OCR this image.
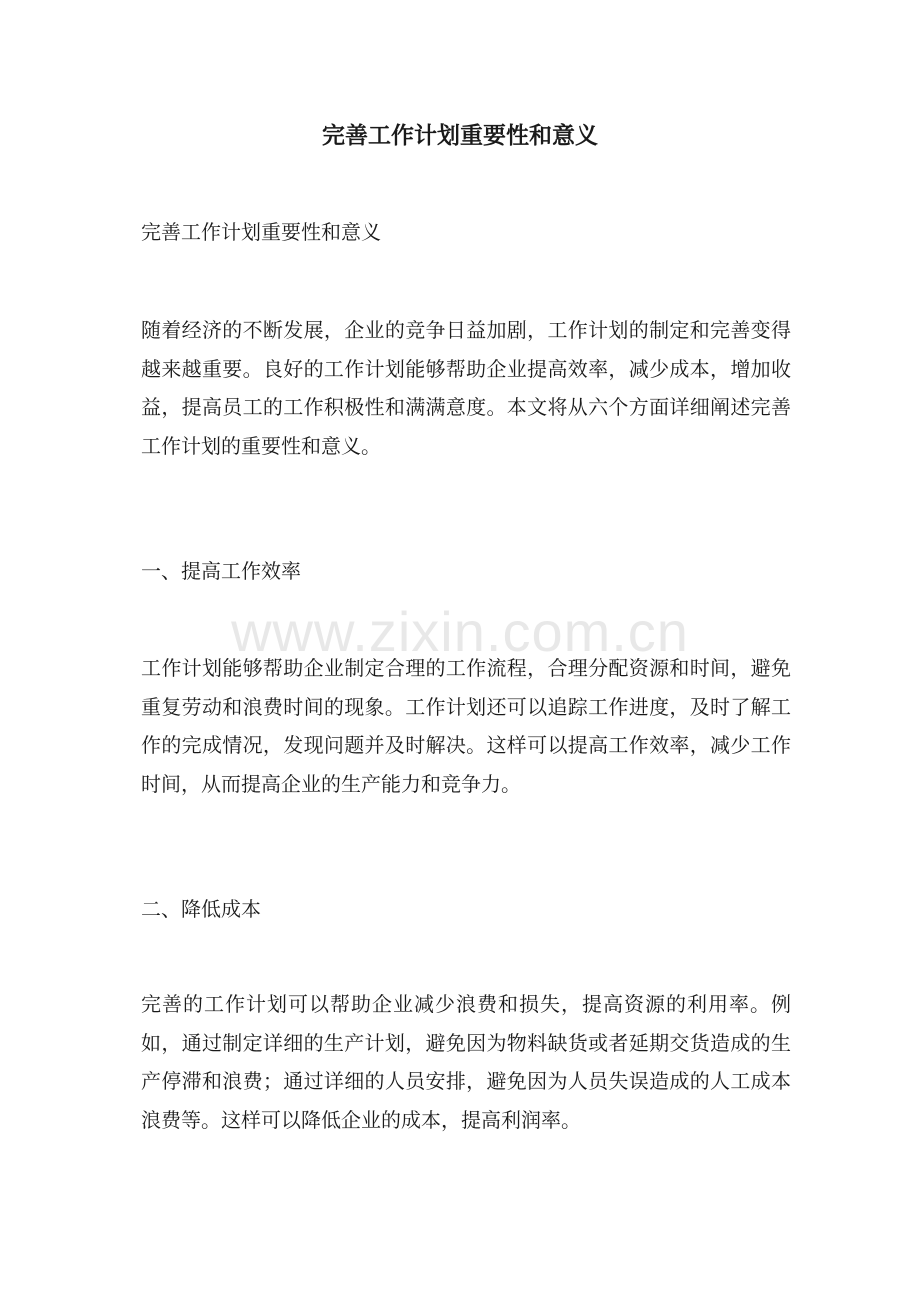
完善工作计划重要性和意义
完善工作计划重要性和意义
随着经济的不断发展，企业的竞争日益加剧，工作计划的制定和完善变得越来越重要。良好的工作计划能够帮助企业提高效率，减少成本，增加收益，提高员工的工作积极性和满满意度。本文将从六个方面详细阐述完善工作计划的重要性和意义。
一、提高工作效率
工作计划能够帮助企业制定合理的工作流程，合理分配资源和时间，避免重复劳动和浪费时间的现象。工作计划还可以追踪工作进度，及时了解工作的完成情况，发现问题并及时解决。这样可以提高工作效率，减少工作时间，从而提高企业的生产能力和竞争力。
二、降低成本
完善的工作计划可以帮助企业减少浪费和损失，提高资源的利用率。例如，通过制定详细的生产计划，避免因为物料缺货或者延期交货造成的生产停滞和浪费；通过详细的人员安排，避免因为人员失误造成的人工成本浪费等。这样可以降低企业的成本，提高利润率。
www.zixin.com.cn
